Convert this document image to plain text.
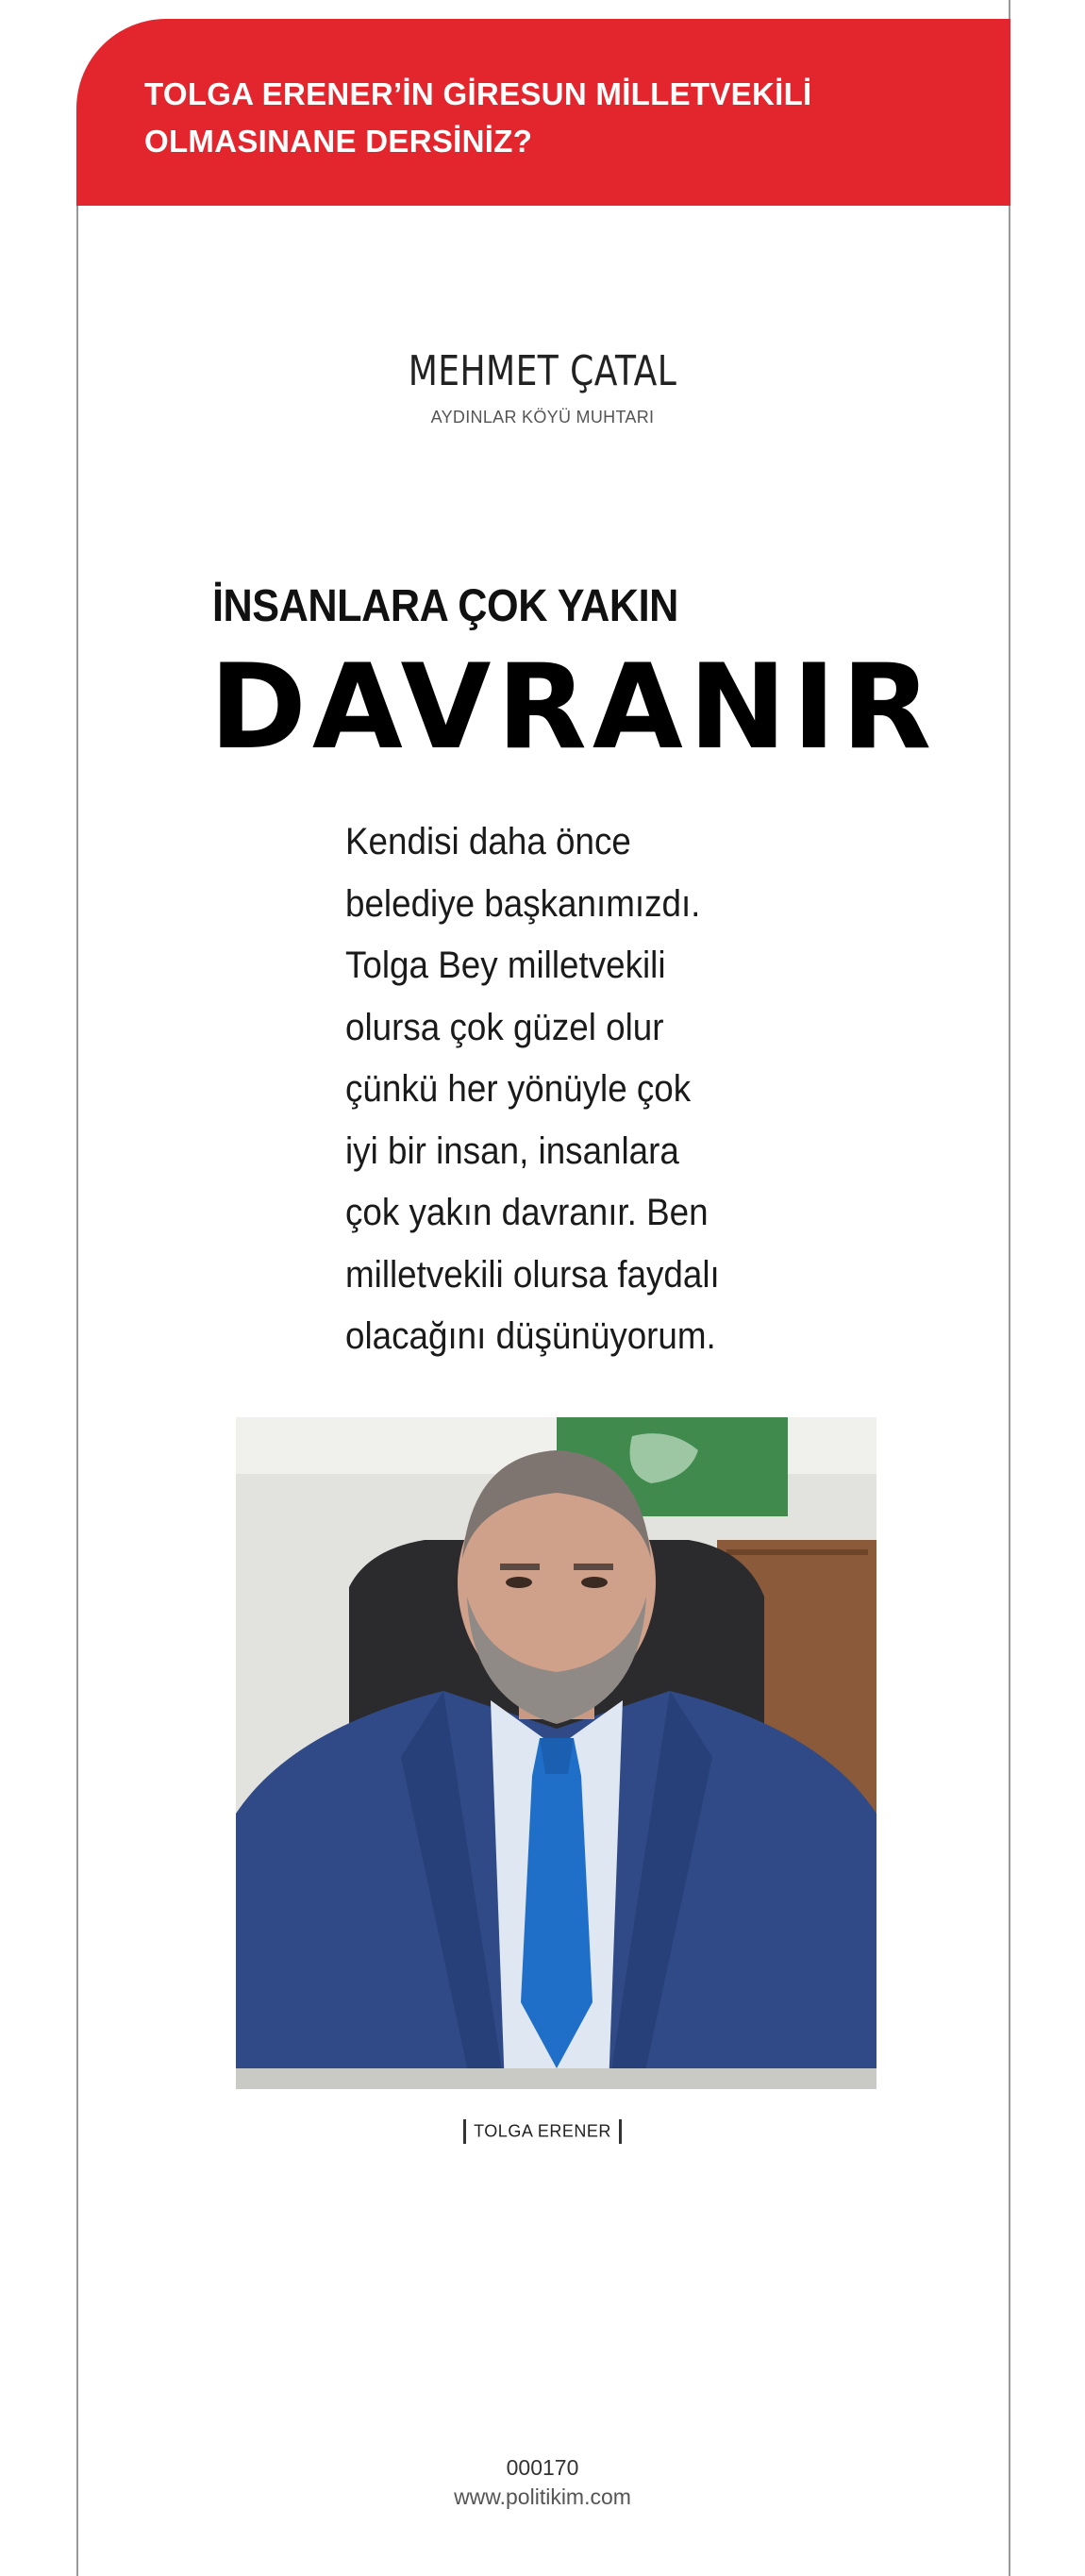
TOLGA ERENER’İN GİRESUN MİLLETVEKİLİ
OLMASINANE DERSİNİZ?

MEHMET ÇATAL
AYDINLAR KÖYÜ MUHTARI
İNSANLARA ÇOK YAKIN
DAVRANIR

Kendisi daha önce
belediye başkanımızdı.
Tolga Bey milletvekili
olursa çok güzel olur
çünkü her yönüyle çok
iyi bir insan, insanlara
çok yakın davranır. Ben
milletvekili olursa faydalı
olacağını düşünüyorum.

TOLGA ERENER
000170
www.politikim.com
